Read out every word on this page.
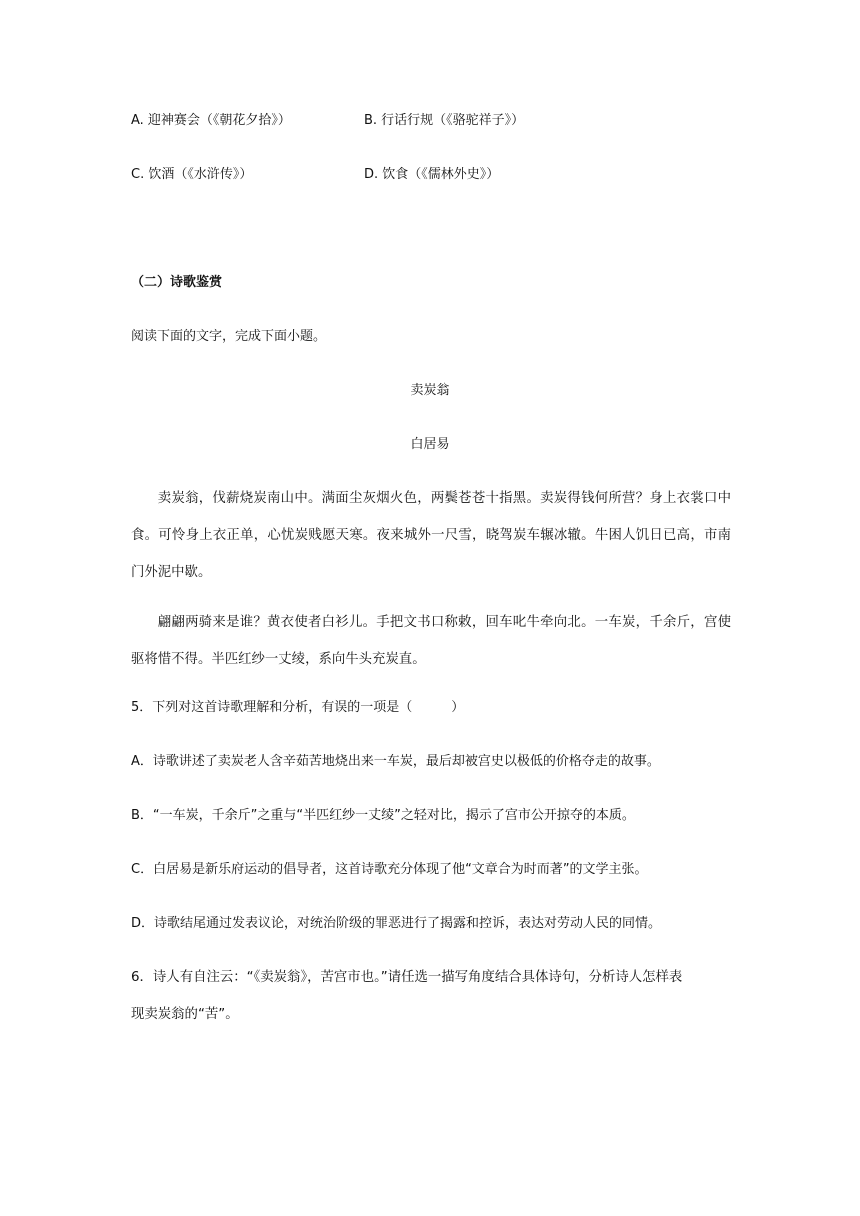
A. 迎神赛会（《朝花夕拾》）	B. 行话行规（《骆驼祥子》）
C. 饮酒（《水浒传》）	D. 饮食（《儒林外史》）
（二）诗歌鉴赏
阅读下面的文字，完成下面小题。
卖炭翁
白居易

卖炭翁，伐薪烧炭南山中。满面尘灰烟火色，两鬓苍苍十指黑。卖炭得钱何所营？身上衣裳口中食。可怜身上衣正单，心忧炭贱愿天寒。夜来城外一尺雪，晓驾炭车辗冰辙。牛困人饥日已高，市南门外泥中歇。

翩翩两骑来是谁？黄衣使者白衫儿。手把文书口称敕，回车叱牛牵向北。一车炭，千余斤，宫使驱将惜不得。半匹红纱一丈绫，系向牛头充炭直。

5．下列对这首诗歌理解和分析，有误的一项是（　　　）
A．诗歌讲述了卖炭老人含辛茹苦地烧出来一车炭，最后却被宫史以极低的价格夺走的故事。
B．“一车炭，千余斤”之重与“半匹红纱一丈绫”之轻对比，揭示了宫市公开掠夺的本质。
C．白居易是新乐府运动的倡导者，这首诗歌充分体现了他“文章合为时而著”的文学主张。
D．诗歌结尾通过发表议论，对统治阶级的罪恶进行了揭露和控诉，表达对劳动人民的同情。
6．诗人有自注云：“《卖炭翁》，苦宫市也。”请任选一描写角度结合具体诗句，分析诗人怎样表
现卖炭翁的“苦”。
